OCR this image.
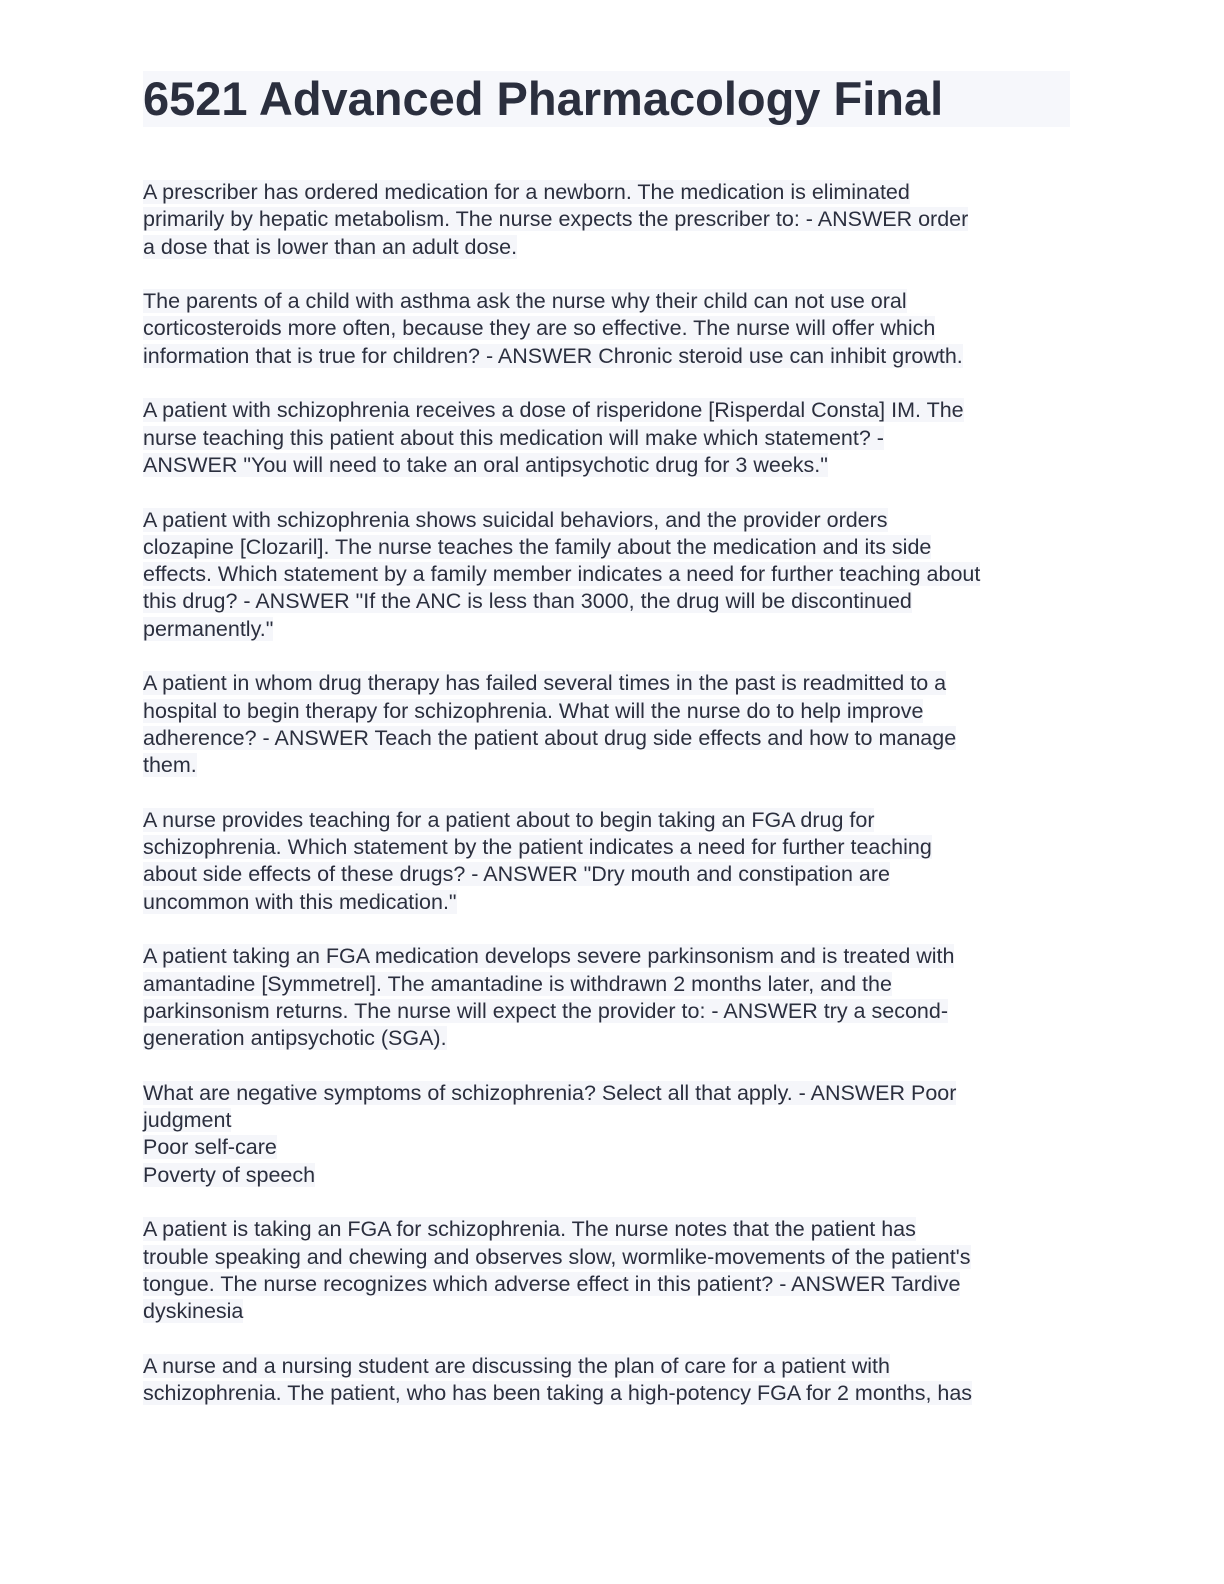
6521 Advanced Pharmacology Final

A prescriber has ordered medication for a newborn. The medication is eliminated
primarily by hepatic metabolism. The nurse expects the prescriber to: - ANSWER order
a dose that is lower than an adult dose.

The parents of a child with asthma ask the nurse why their child can not use oral
corticosteroids more often, because they are so effective. The nurse will offer which
information that is true for children? - ANSWER Chronic steroid use can inhibit growth.

A patient with schizophrenia receives a dose of risperidone [Risperdal Consta] IM. The
nurse teaching this patient about this medication will make which statement? -
ANSWER "You will need to take an oral antipsychotic drug for 3 weeks."

A patient with schizophrenia shows suicidal behaviors, and the provider orders
clozapine [Clozaril]. The nurse teaches the family about the medication and its side
effects. Which statement by a family member indicates a need for further teaching about
this drug? - ANSWER "If the ANC is less than 3000, the drug will be discontinued
permanently."

A patient in whom drug therapy has failed several times in the past is readmitted to a
hospital to begin therapy for schizophrenia. What will the nurse do to help improve
adherence? - ANSWER Teach the patient about drug side effects and how to manage
them.

A nurse provides teaching for a patient about to begin taking an FGA drug for
schizophrenia. Which statement by the patient indicates a need for further teaching
about side effects of these drugs? - ANSWER "Dry mouth and constipation are
uncommon with this medication."

A patient taking an FGA medication develops severe parkinsonism and is treated with
amantadine [Symmetrel]. The amantadine is withdrawn 2 months later, and the
parkinsonism returns. The nurse will expect the provider to: - ANSWER try a second-
generation antipsychotic (SGA).

What are negative symptoms of schizophrenia? Select all that apply. - ANSWER Poor
judgment
Poor self-care
Poverty of speech

A patient is taking an FGA for schizophrenia. The nurse notes that the patient has
trouble speaking and chewing and observes slow, wormlike-movements of the patient's
tongue. The nurse recognizes which adverse effect in this patient? - ANSWER Tardive
dyskinesia

A nurse and a nursing student are discussing the plan of care for a patient with
schizophrenia. The patient, who has been taking a high-potency FGA for 2 months, has
